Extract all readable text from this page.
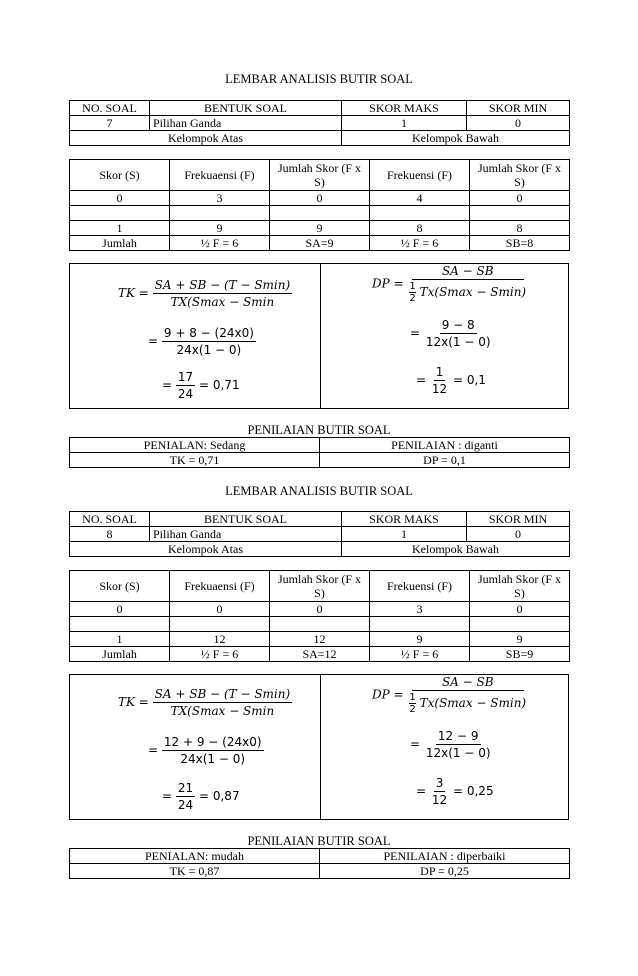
LEMBAR ANALISIS BUTIR SOAL
NO. SOAL	BENTUK SOAL	SKOR MAKS	SKOR MIN
7	Pilihan Ganda	1	0
Kelompok Atas		Kelompok Bawah	
Skor (S)	Frekuaensi (F)	Jumlah Skor (F x S)	Frekuensi (F)	Jumlah Skor (F x S)
0	3	0	4	0

1	9	9	8	8
Jumlah	½ F = 6	SA=9	½ F = 6	SB=8
TK = $\frac{SA + SB - (T - Smin)}{TX(Smax - Smin}$
= $\frac{9 + 8 - (24x0)}{24x(1 - 0)}$
= $\frac{17}{24} = 0,71$
DP = $\frac{SA - SB}{\frac{1}{2} Tx(Smax - Smin)}$
= $\frac{9 - 8}{12x(1 - 0)}$
= $\frac{1}{12} = 0,1$
PENILAIAN BUTIR SOAL
PENIALAN: Sedang	PENILAIAN : diganti
TK = 0,71	DP = 0,1
LEMBAR ANALISIS BUTIR SOAL
NO. SOAL	BENTUK SOAL	SKOR MAKS	SKOR MIN
8	Pilihan Ganda	1	0
Kelompok Atas		Kelompok Bawah	
Skor (S)	Frekuaensi (F)	Jumlah Skor (F x S)	Frekuensi (F)	Jumlah Skor (F x S)
0	0	0	3	0

1	12	12	9	9
Jumlah	½ F = 6	SA=12	½ F = 6	SB=9
TK = $\frac{SA + SB - (T - Smin)}{TX(Smax - Smin}$
= $\frac{12 + 9 - (24x0)}{24x(1 - 0)}$
= $\frac{21}{24} = 0,87$
DP = $\frac{SA - SB}{\frac{1}{2} Tx(Smax - Smin)}$
= $\frac{12 - 9}{12x(1 - 0)}$
= $\frac{3}{12} = 0,25$
PENILAIAN BUTIR SOAL
PENIALAN: mudah	PENILAIAN : diperbaiki
TK = 0,87	DP = 0,25
